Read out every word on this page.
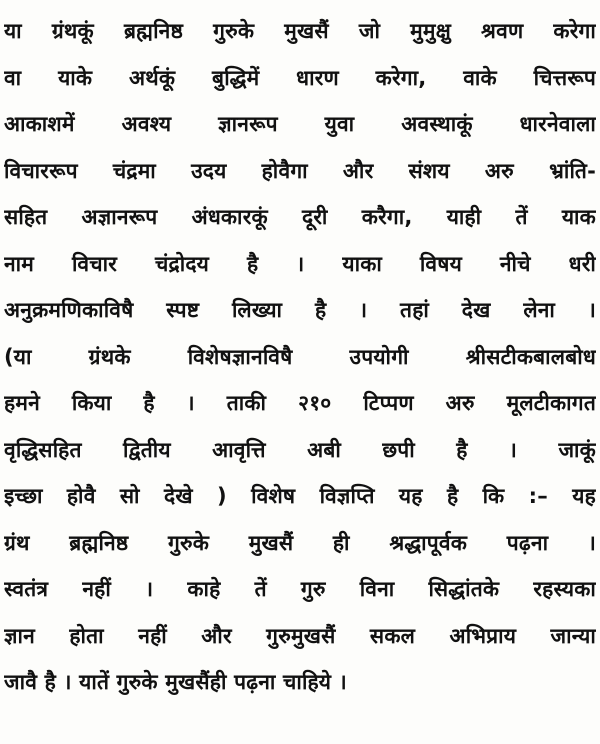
या ग्रंथकूं ब्रह्मनिष्ठ गुरुके मुखसैं जो मुमुक्षु श्रवण करेगा
वा याके अर्थकूं बुद्धिमें धारण करेगा, वाके चित्तरूप
आकाशमें अवश्य ज्ञानरूप युवा अवस्थाकूं धारनेवाला
विचाररूप चंद्रमा उदय होवैगा और संशय अरु भ्रांति-
सहित अज्ञानरूप अंधकारकूं दूरी करैगा, याही तें याक
नाम विचार चंद्रोदय है । याका विषय नीचे धरी
अनुक्रमणिकाविषै स्पष्ट लिख्या है । तहां देख लेना ।
(या ग्रंथके विशेषज्ञानविषै उपयोगी श्रीसटीकबालबोध
हमने किया है । ताकी २१० टिप्पण अरु मूलटीकागत
वृद्धिसहित द्वितीय आवृत्ति अबी छपी है । जाकूं
इच्छा होवै सो देखे ) विशेष विज्ञप्ति यह है कि :– यह
ग्रंथ ब्रह्मनिष्ठ गुरुके मुखसैं ही श्रद्धापूर्वक पढ़ना ।
स्वतंत्र नहीं । काहे तें गुरु विना सिद्धांतके रहस्यका
ज्ञान होता नहीं और गुरुमुखसैं सकल अभिप्राय जान्या
जावै है । यातें गुरुके मुखसैंही पढ़ना चाहिये ।
